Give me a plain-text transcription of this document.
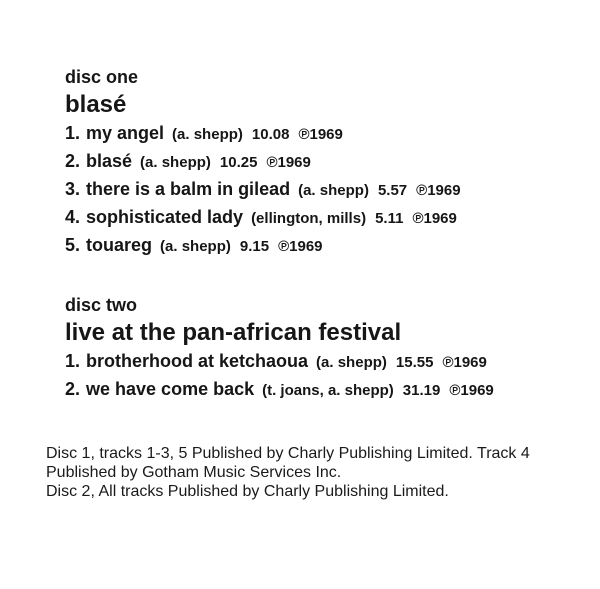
disc one
blasé
1. my angel (a. shepp) 10.08 ℗1969
2. blasé (a. shepp) 10.25 ℗1969
3. there is a balm in gilead (a. shepp) 5.57 ℗1969
4. sophisticated lady (ellington, mills) 5.11 ℗1969
5. touareg (a. shepp) 9.15 ℗1969
disc two
live at the pan-african festival
1. brotherhood at ketchaoua (a. shepp) 15.55 ℗1969
2. we have come back (t. joans, a. shepp) 31.19 ℗1969
Disc 1, tracks 1-3, 5 Published by Charly Publishing Limited. Track 4
Published by Gotham Music Services Inc.
Disc 2, All tracks Published by Charly Publishing Limited.
